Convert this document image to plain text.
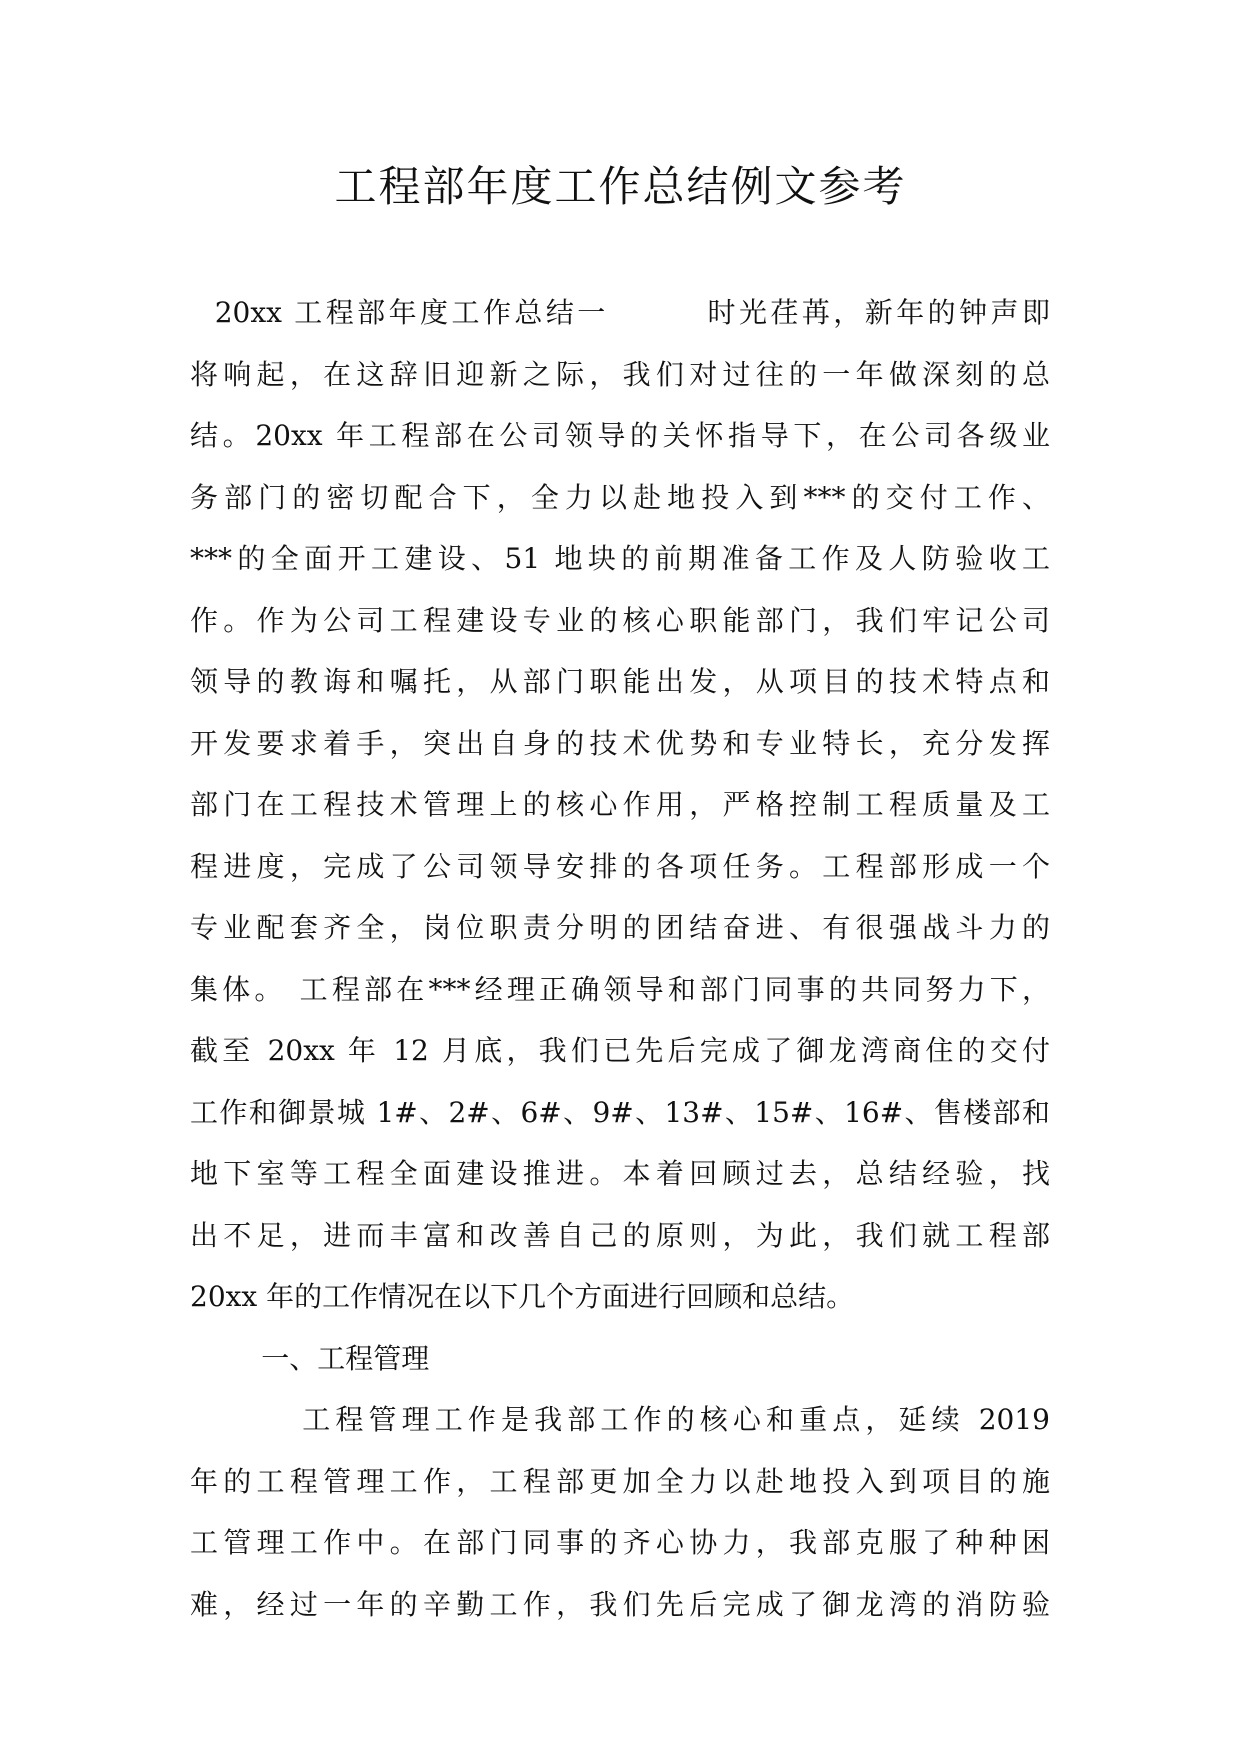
工程部年度工作总结例文参考
20xx 工程部年度工作总结一        时光荏苒，新年的钟声即
将响起，在这辞旧迎新之际，我们对过往的一年做深刻的总
结。20xx 年工程部在公司领导的关怀指导下，在公司各级业
务部门的密切配合下，全力以赴地投入到***的交付工作、
***的全面开工建设、51 地块的前期准备工作及人防验收工
作。作为公司工程建设专业的核心职能部门，我们牢记公司
领导的教诲和嘱托，从部门职能出发，从项目的技术特点和
开发要求着手，突出自身的技术优势和专业特长，充分发挥
部门在工程技术管理上的核心作用，严格控制工程质量及工
程进度，完成了公司领导安排的各项任务。工程部形成一个
专业配套齐全，岗位职责分明的团结奋进、有很强战斗力的
集体。 工程部在***经理正确领导和部门同事的共同努力下，
截至 20xx 年 12 月底，我们已先后完成了御龙湾商住的交付
工作和御景城 1#、2#、6#、9#、13#、15#、16#、售楼部和
地下室等工程全面建设推进。本着回顾过去，总结经验，找
出不足，进而丰富和改善自己的原则，为此，我们就工程部
20xx 年的工作情况在以下几个方面进行回顾和总结。
一、工程管理
工程管理工作是我部工作的核心和重点，延续 2019
年的工程管理工作，工程部更加全力以赴地投入到项目的施
工管理工作中。在部门同事的齐心协力，我部克服了种种困
难，经过一年的辛勤工作，我们先后完成了御龙湾的消防验
